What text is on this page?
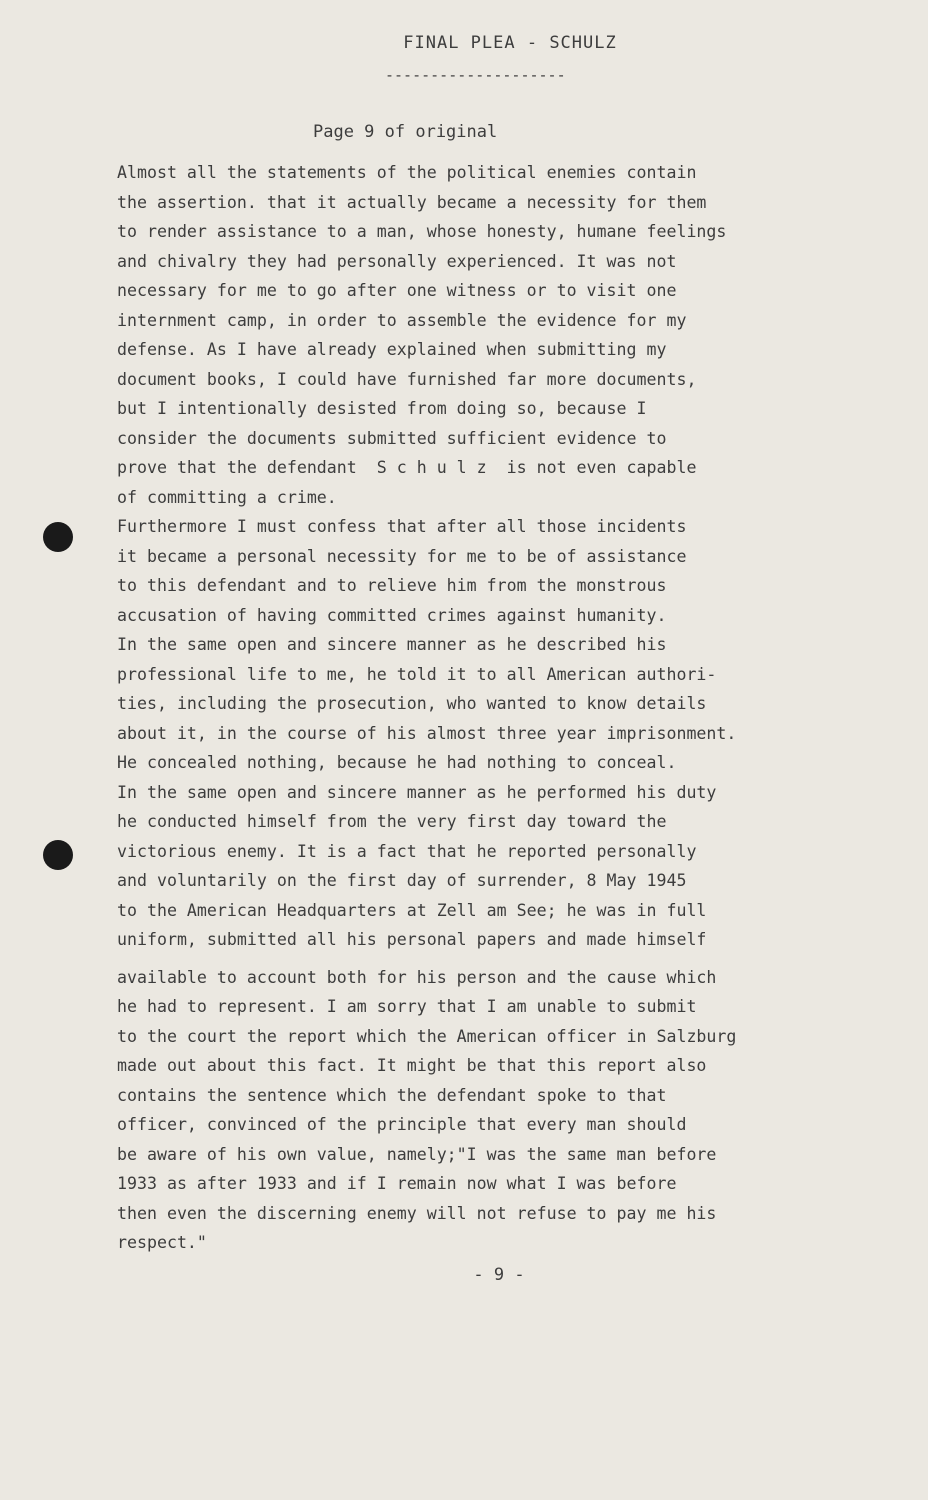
FINAL PLEA - SCHULZ
--------------------
Page 9 of original
Almost all the statements of the political enemies contain
the assertion. that it actually became a necessity for them
to render assistance to a man, whose honesty, humane feelings
and chivalry they had personally experienced. It was not
necessary for me to go after one witness or to visit one
internment camp, in order to assemble the evidence for my
defense. As I have already explained when submitting my
document books, I could have furnished far more documents,
but I intentionally desisted from doing so, because I
consider the documents submitted sufficient evidence to
prove that the defendant  S c h u l z  is not even capable
of committing a crime.
Furthermore I must confess that after all those incidents
it became a personal necessity for me to be of assistance
to this defendant and to relieve him from the monstrous
accusation of having committed crimes against humanity.
In the same open and sincere manner as he described his
professional life to me, he told it to all American authori-
ties, including the prosecution, who wanted to know details
about it, in the course of his almost three year imprisonment.
He concealed nothing, because he had nothing to conceal.
In the same open and sincere manner as he performed his duty
he conducted himself from the very first day toward the
victorious enemy. It is a fact that he reported personally
and voluntarily on the first day of surrender, 8 May 1945
to the American Headquarters at Zell am See; he was in full
uniform, submitted all his personal papers and made himself
available to account both for his person and the cause which
he had to represent. I am sorry that I am unable to submit
to the court the report which the American officer in Salzburg
made out about this fact. It might be that this report also
contains the sentence which the defendant spoke to that
officer, convinced of the principle that every man should
be aware of his own value, namely;"I was the same man before
1933 as after 1933 and if I remain now what I was before
then even the discerning enemy will not refuse to pay me his
respect."
- 9 -
